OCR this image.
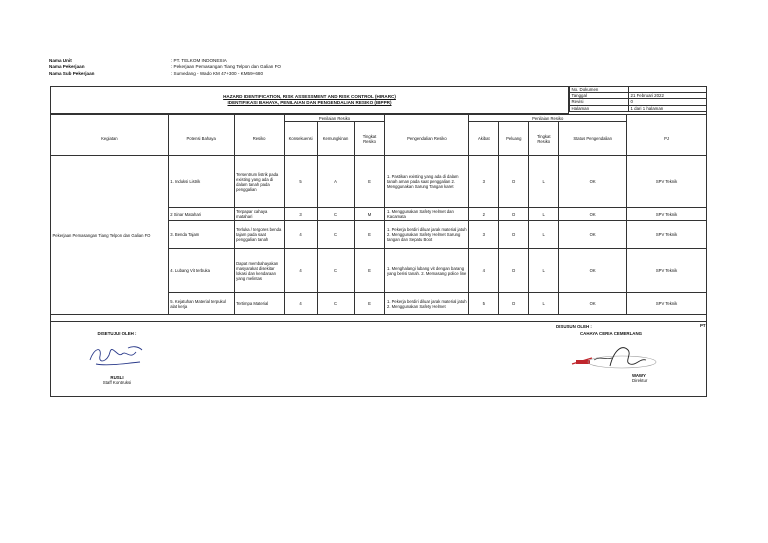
Nama Unit	: PT. TELKOM INDONESIA
Nama Pekerjaan	: Pekerjaan Pemasangan Tiang Telpon dan Galian FO
Nama Sub Pekerjaan	: Sumedang - Wado KM 47+300 - KM59+680
HAZARD IDENTIFICATION, RISK ASSESSMENT AND RISK CONTROL (HIRARC)
IDENTIFIKASI BAHAYA, PENILAIAN DAN PENGENDALIAN RESIKO (IBPPR)
No. Dokumen	
Tanggal	21 Februari 2022
Revisi	0
Halaman	1 dari 1 halaman
			Penilaian Resiko				Penilaian Resiko				
Kegiatan	Potensi Bahaya	Resiko	Konsekuensi	Kemungkinan	Tingkat Resiko	Pengendalian Resiko	Akibat	Peluang	Tingkat Resiko	Status Pengendalian	PJ
Pekerjaan Pemasangan Tiang Telpon dan Galian FO	1. Induksi Listrik	Tersentrum listrik pada existing yang ada di dalam tanah pada penggalian	5	A	E	1. Pastikan existing yang ada di dalam tanah aman pada saat penggalian 2. Menggunakan Sarung Tangan karet	3	D	L	OK	SPV Teknik
	2 Sinar Matahari	Terpapar cahaya matahari	3	C	M	1. Menggunakan Safety Helmet dan Kacamata	2	D	L	OK	SPV Teknik
	3. Benda Tajam	Terluka / tergores benda tajam pada saat penggalian tanah	4	C	E	1. Pekerja berdiri diluar jarak material jatuh 2. Menggunakan Safety Helmet Sarung tangan dan Sepatu Boot	3	D	L	OK	SPV Teknik
	4. Lubang Vit terbuka	Dapat membahayakan masyarakat disekitar lokasi dan kendaraan yang melintas	4	C	E	1. Menghalangi lubang vit dengan barang yang berisi tanah. 2. Memasang police line	4	D	L	OK	SPV Teknik
	5. Kejatuhan Material terpukul alat kerja	Tertimpa Material	4	C	E	1. Pekerja berdiri diluar jarak material jatuh 2. Menggunakan Safety Helmet	5	D	L	OK	SPV Teknik
DISETUJUI OLEH :
RUSLI
Staff Kontruksi
PT
DISUSUN OLEH :
CAHAYA CERIA CEMERLANG
WAWY
Direktur
